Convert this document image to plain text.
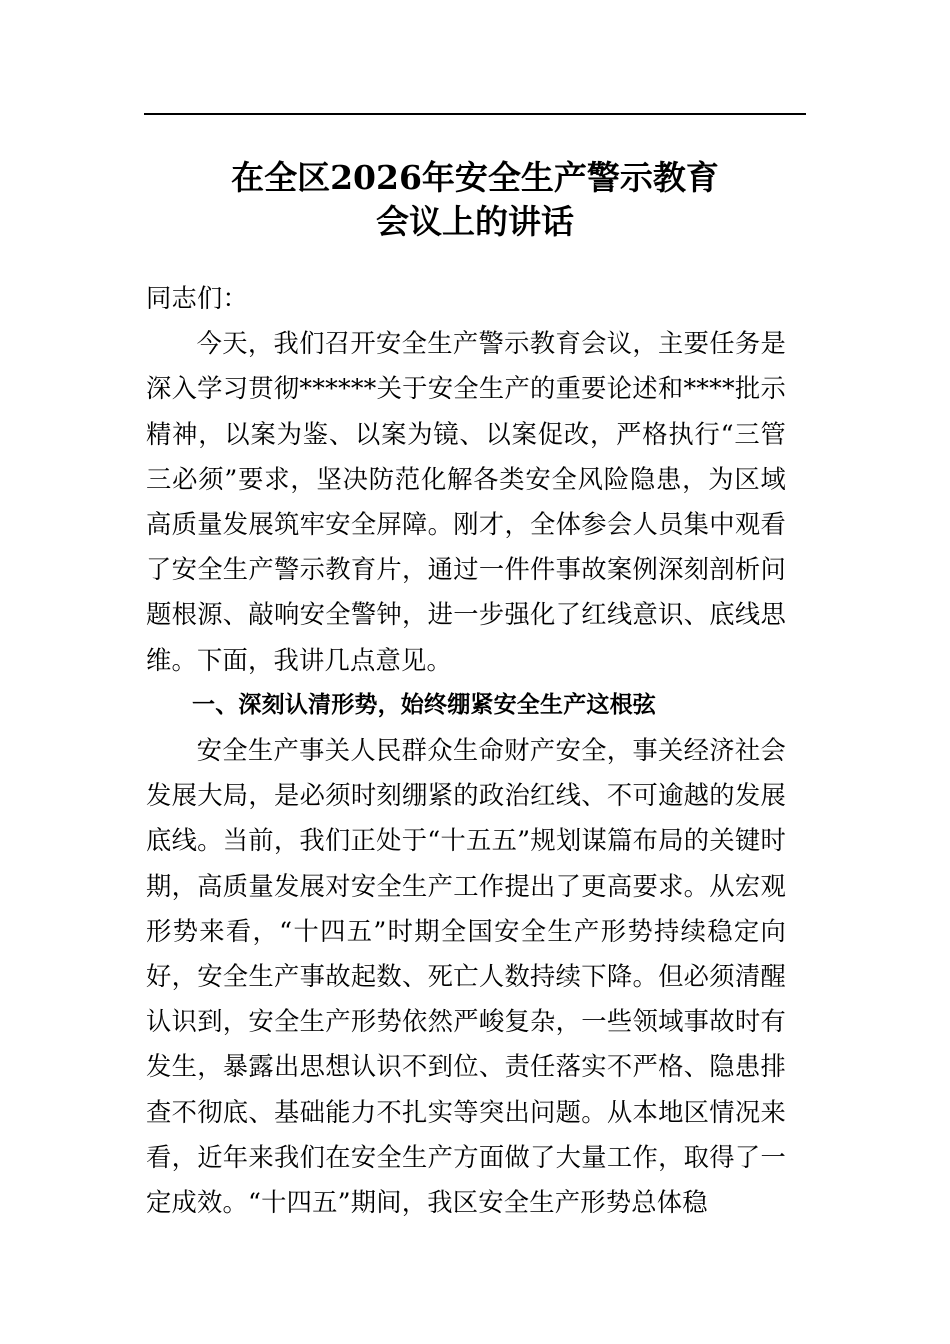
在全区2026年安全生产警示教育
会议上的讲话

同志们：

今天，我们召开安全生产警示教育会议，主要任务是深入学习贯彻******关于安全生产的重要论述和****批示精神，以案为鉴、以案为镜、以案促改，严格执行“三管三必须”要求，坚决防范化解各类安全风险隐患，为区域高质量发展筑牢安全屏障。刚才，全体参会人员集中观看了安全生产警示教育片，通过一件件事故案例深刻剖析问题根源、敲响安全警钟，进一步强化了红线意识、底线思维。下面，我讲几点意见。

一、深刻认清形势，始终绷紧安全生产这根弦

安全生产事关人民群众生命财产安全，事关经济社会发展大局，是必须时刻绷紧的政治红线、不可逾越的发展底线。当前，我们正处于“十五五”规划谋篇布局的关键时期，高质量发展对安全生产工作提出了更高要求。从宏观形势来看，“十四五”时期全国安全生产形势持续稳定向好，安全生产事故起数、死亡人数持续下降。但必须清醒认识到，安全生产形势依然严峻复杂，一些领域事故时有发生，暴露出思想认识不到位、责任落实不严格、隐患排查不彻底、基础能力不扎实等突出问题。从本地区情况来看，近年来我们在安全生产方面做了大量工作，取得了一定成效。“十四五”期间，我区安全生产形势总体稳
